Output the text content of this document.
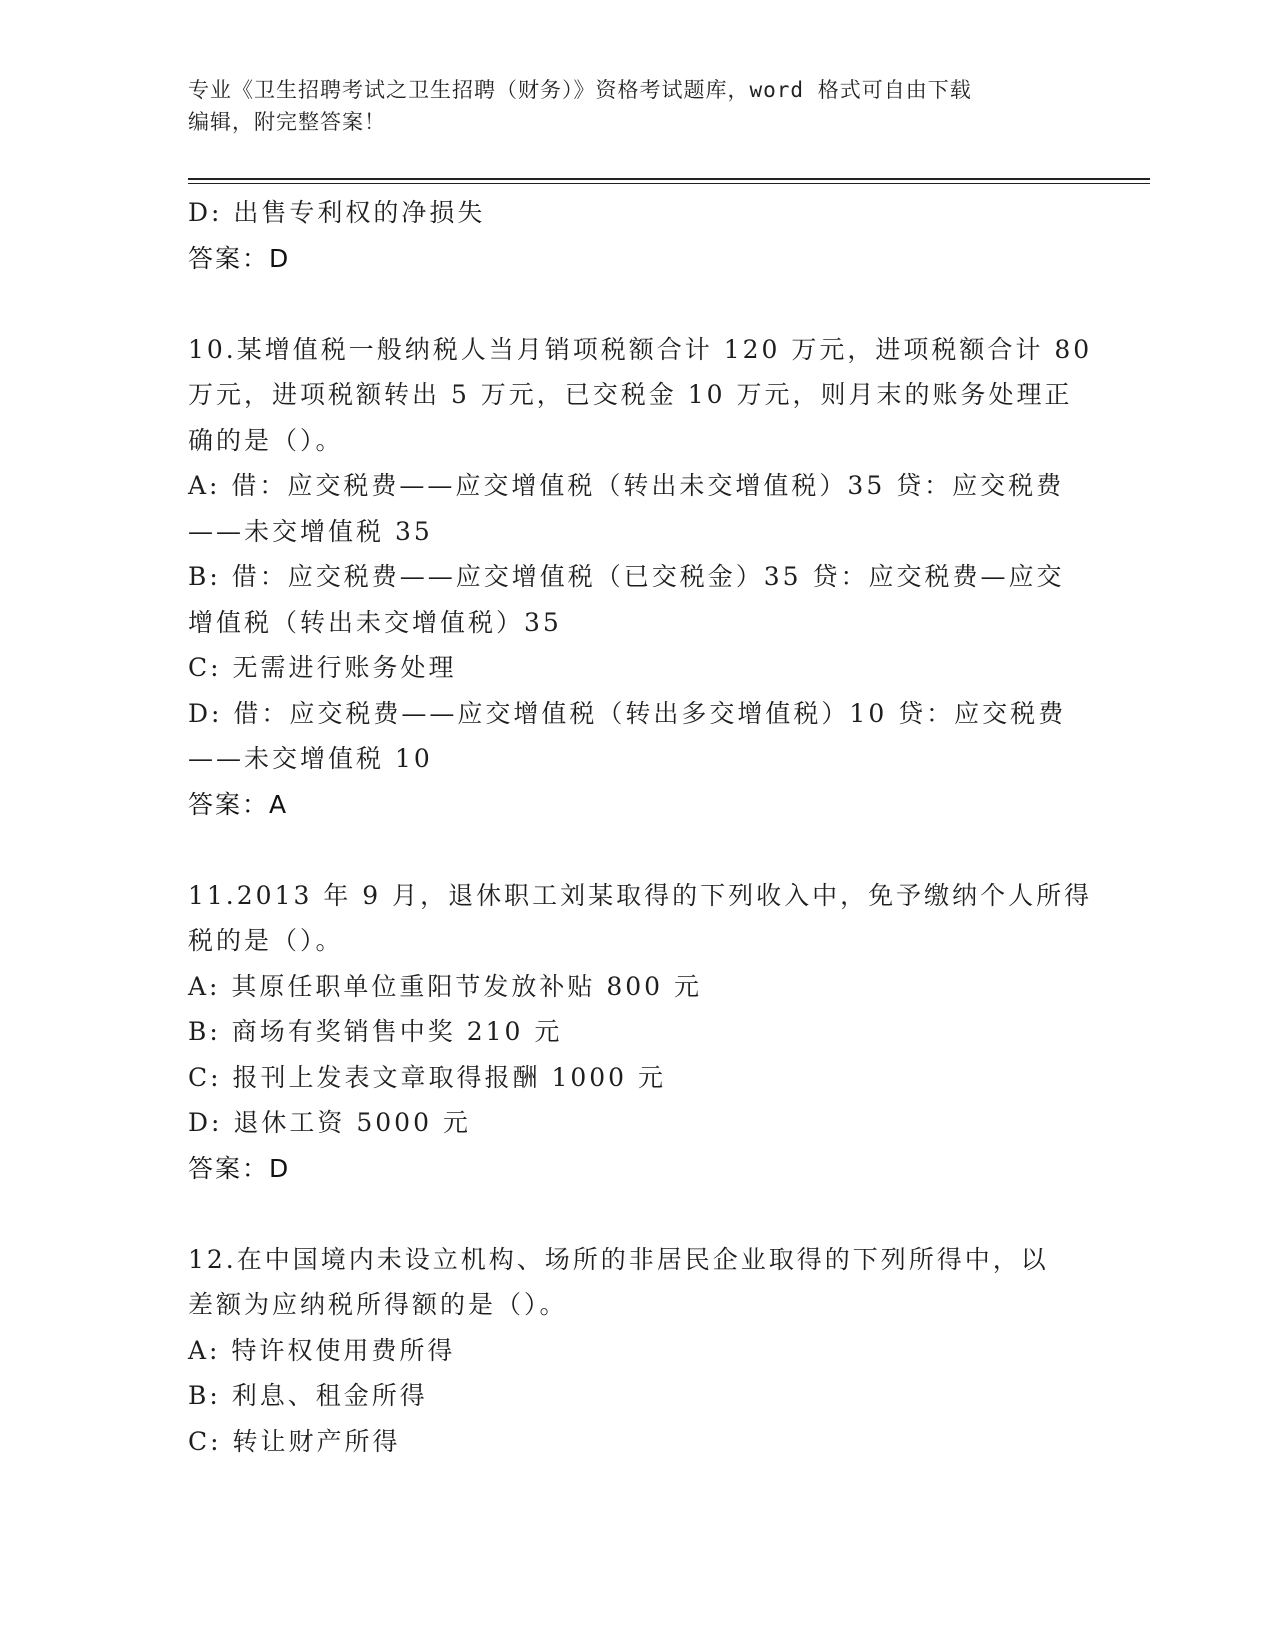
专业《卫生招聘考试之卫生招聘（财务）》资格考试题库，word 格式可自由下载
编辑，附完整答案！
D: 出售专利权的净损失
答案：D
10.某增值税一般纳税人当月销项税额合计 120 万元，进项税额合计 80
万元，进项税额转出 5 万元，已交税金 10 万元，则月末的账务处理正
确的是（）。
A: 借：应交税费——应交增值税（转出未交增值税）35 贷：应交税费
——未交增值税 35
B: 借：应交税费——应交增值税（已交税金）35 贷：应交税费—应交
增值税（转出未交增值税）35
C: 无需进行账务处理
D: 借：应交税费——应交增值税（转出多交增值税）10 贷：应交税费
——未交增值税 10
答案：A
11.2013 年 9 月，退休职工刘某取得的下列收入中，免予缴纳个人所得
税的是（）。
A: 其原任职单位重阳节发放补贴 800 元
B: 商场有奖销售中奖 210 元
C: 报刊上发表文章取得报酬 1000 元
D: 退休工资 5000 元
答案：D
12.在中国境内未设立机构、场所的非居民企业取得的下列所得中，以
差额为应纳税所得额的是（）。
A: 特许权使用费所得
B: 利息、租金所得
C: 转让财产所得
